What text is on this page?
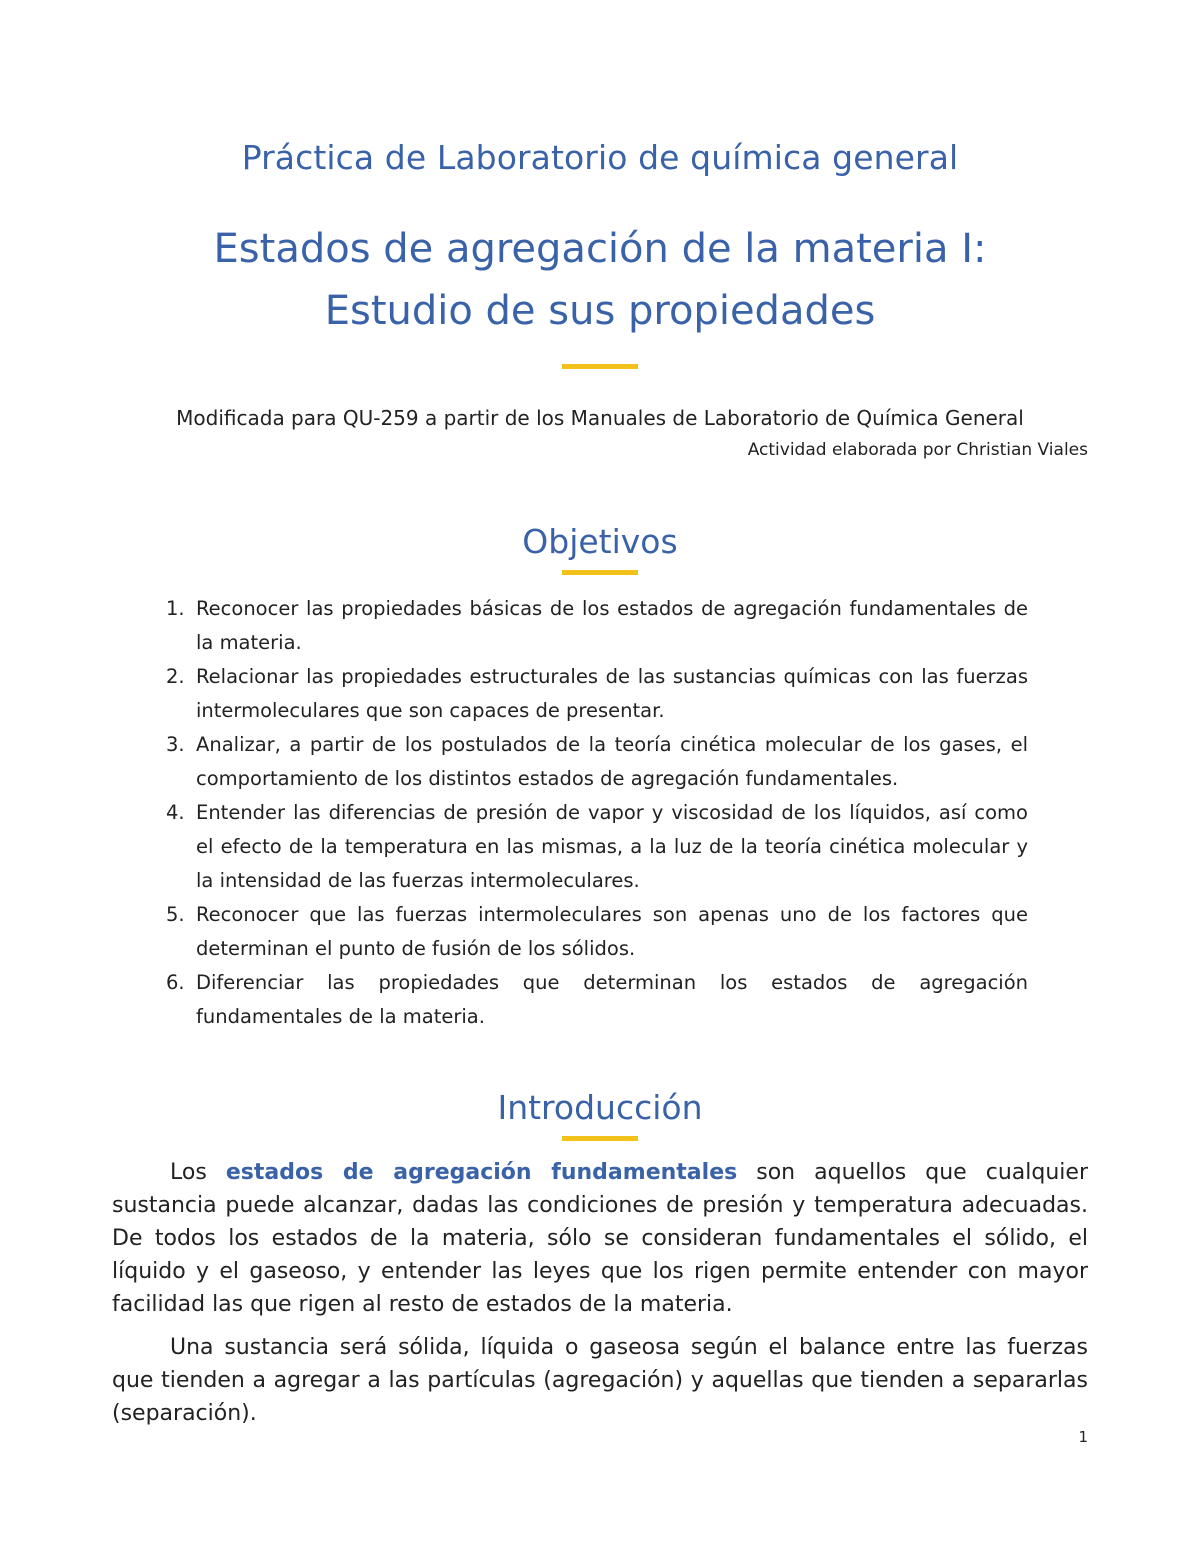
Práctica de Laboratorio de química general
Estados de agregación de la materia I: Estudio de sus propiedades
Modificada para QU-259 a partir de los Manuales de Laboratorio de Química General
Actividad elaborada por Christian Viales
Objetivos
1. Reconocer las propiedades básicas de los estados de agregación fundamentales de la materia.
2. Relacionar las propiedades estructurales de las sustancias químicas con las fuerzas intermoleculares que son capaces de presentar.
3. Analizar, a partir de los postulados de la teoría cinética molecular de los gases, el comportamiento de los distintos estados de agregación fundamentales.
4. Entender las diferencias de presión de vapor y viscosidad de los líquidos, así como el efecto de la temperatura en las mismas, a la luz de la teoría cinética molecular y la intensidad de las fuerzas intermoleculares.
5. Reconocer que las fuerzas intermoleculares son apenas uno de los factores que determinan el punto de fusión de los sólidos.
6. Diferenciar las propiedades que determinan los estados de agregación fundamentales de la materia.
Introducción

Los estados de agregación fundamentales son aquellos que cualquier sustancia puede alcanzar, dadas las condiciones de presión y temperatura adecuadas. De todos los estados de la materia, sólo se consideran fundamentales el sólido, el líquido y el gaseoso, y entender las leyes que los rigen permite entender con mayor facilidad las que rigen al resto de estados de la materia.

Una sustancia será sólida, líquida o gaseosa según el balance entre las fuerzas que tienden a agregar a las partículas (agregación) y aquellas que tienden a separarlas (separación).

1
